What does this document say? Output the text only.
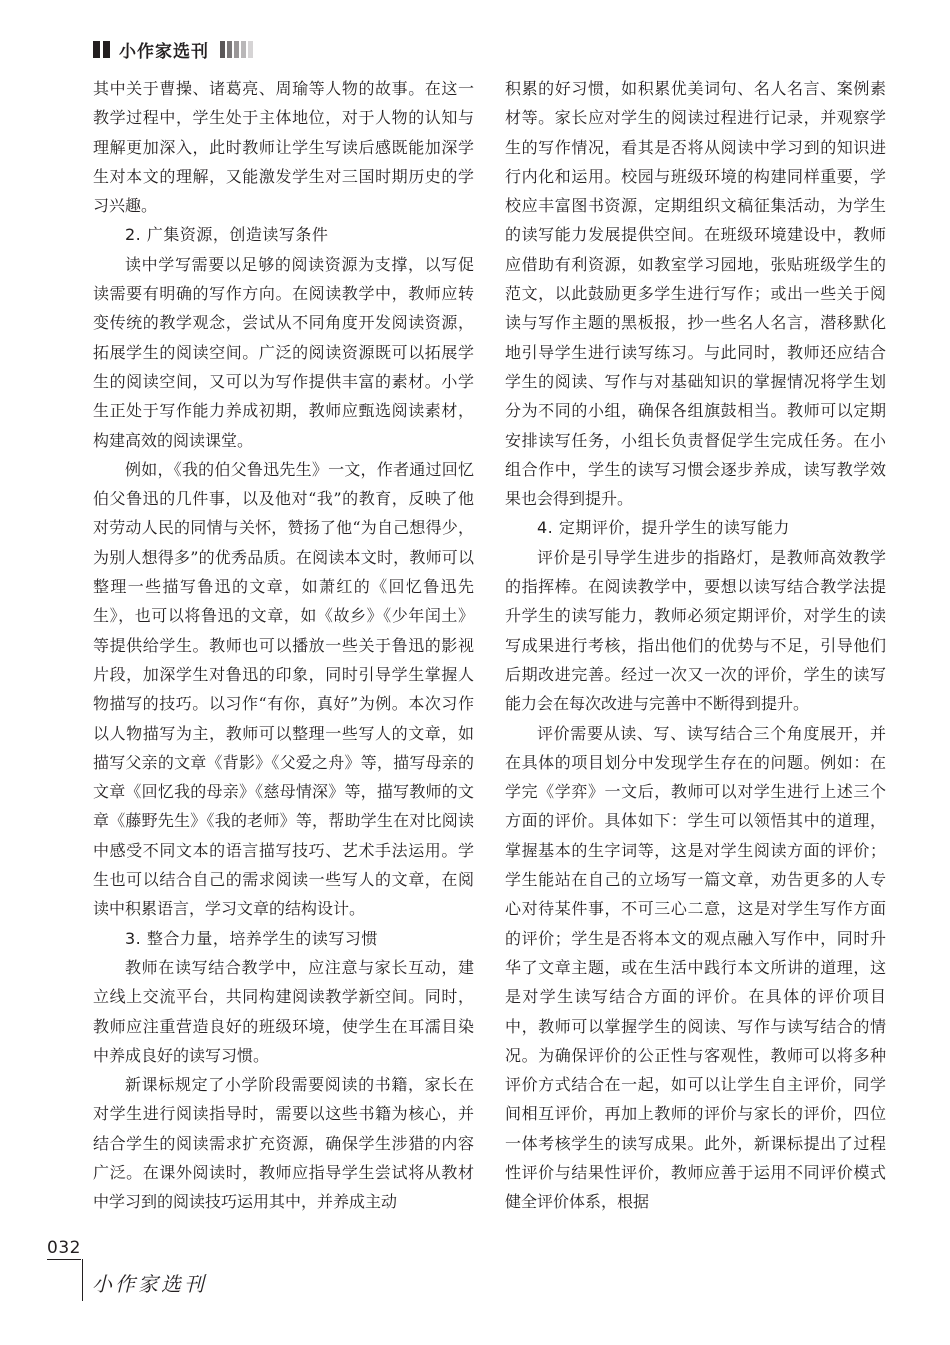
小作家选刊

其中关于曹操、诸葛亮、周瑜等人物的故事。在这一教学过程中，学生处于主体地位，对于人物的认知与理解更加深入，此时教师让学生写读后感既能加深学生对本文的理解，又能激发学生对三国时期历史的学习兴趣。

2. 广集资源，创造读写条件

读中学写需要以足够的阅读资源为支撑，以写促读需要有明确的写作方向。在阅读教学中，教师应转变传统的教学观念，尝试从不同角度开发阅读资源，拓展学生的阅读空间。广泛的阅读资源既可以拓展学生的阅读空间，又可以为写作提供丰富的素材。小学生正处于写作能力养成初期，教师应甄选阅读素材，构建高效的阅读课堂。

例如，《我的伯父鲁迅先生》一文，作者通过回忆伯父鲁迅的几件事，以及他对“我”的教育，反映了他对劳动人民的同情与关怀，赞扬了他“为自己想得少，为别人想得多”的优秀品质。在阅读本文时，教师可以整理一些描写鲁迅的文章，如萧红的《回忆鲁迅先生》，也可以将鲁迅的文章，如《故乡》《少年闰土》等提供给学生。教师也可以播放一些关于鲁迅的影视片段，加深学生对鲁迅的印象，同时引导学生掌握人物描写的技巧。以习作“有你，真好”为例。本次习作以人物描写为主，教师可以整理一些写人的文章，如描写父亲的文章《背影》《父爱之舟》等，描写母亲的文章《回忆我的母亲》《慈母情深》等，描写教师的文章《藤野先生》《我的老师》等，帮助学生在对比阅读中感受不同文本的语言描写技巧、艺术手法运用。学生也可以结合自己的需求阅读一些写人的文章，在阅读中积累语言，学习文章的结构设计。

3. 整合力量，培养学生的读写习惯

教师在读写结合教学中，应注意与家长互动，建立线上交流平台，共同构建阅读教学新空间。同时，教师应注重营造良好的班级环境，使学生在耳濡目染中养成良好的读写习惯。

新课标规定了小学阶段需要阅读的书籍，家长在对学生进行阅读指导时，需要以这些书籍为核心，并结合学生的阅读需求扩充资源，确保学生涉猎的内容广泛。在课外阅读时，教师应指导学生尝试将从教材中学习到的阅读技巧运用其中，并养成主动

积累的好习惯，如积累优美词句、名人名言、案例素材等。家长应对学生的阅读过程进行记录，并观察学生的写作情况，看其是否将从阅读中学习到的知识进行内化和运用。校园与班级环境的构建同样重要，学校应丰富图书资源，定期组织文稿征集活动，为学生的读写能力发展提供空间。在班级环境建设中，教师应借助有利资源，如教室学习园地，张贴班级学生的范文，以此鼓励更多学生进行写作；或出一些关于阅读与写作主题的黑板报，抄一些名人名言，潜移默化地引导学生进行读写练习。与此同时，教师还应结合学生的阅读、写作与对基础知识的掌握情况将学生划分为不同的小组，确保各组旗鼓相当。教师可以定期安排读写任务，小组长负责督促学生完成任务。在小组合作中，学生的读写习惯会逐步养成，读写教学效果也会得到提升。

4. 定期评价，提升学生的读写能力

评价是引导学生进步的指路灯，是教师高效教学的指挥棒。在阅读教学中，要想以读写结合教学法提升学生的读写能力，教师必须定期评价，对学生的读写成果进行考核，指出他们的优势与不足，引导他们后期改进完善。经过一次又一次的评价，学生的读写能力会在每次改进与完善中不断得到提升。

评价需要从读、写、读写结合三个角度展开，并在具体的项目划分中发现学生存在的问题。例如：在学完《学弈》一文后，教师可以对学生进行上述三个方面的评价。具体如下：学生可以领悟其中的道理，掌握基本的生字词等，这是对学生阅读方面的评价；学生能站在自己的立场写一篇文章，劝告更多的人专心对待某件事，不可三心二意，这是对学生写作方面的评价；学生是否将本文的观点融入写作中，同时升华了文章主题，或在生活中践行本文所讲的道理，这是对学生读写结合方面的评价。在具体的评价项目中，教师可以掌握学生的阅读、写作与读写结合的情况。为确保评价的公正性与客观性，教师可以将多种评价方式结合在一起，如可以让学生自主评价，同学间相互评价，再加上教师的评价与家长的评价，四位一体考核学生的读写成果。此外，新课标提出了过程性评价与结果性评价，教师应善于运用不同评价模式健全评价体系，根据

032
小作家选刊
